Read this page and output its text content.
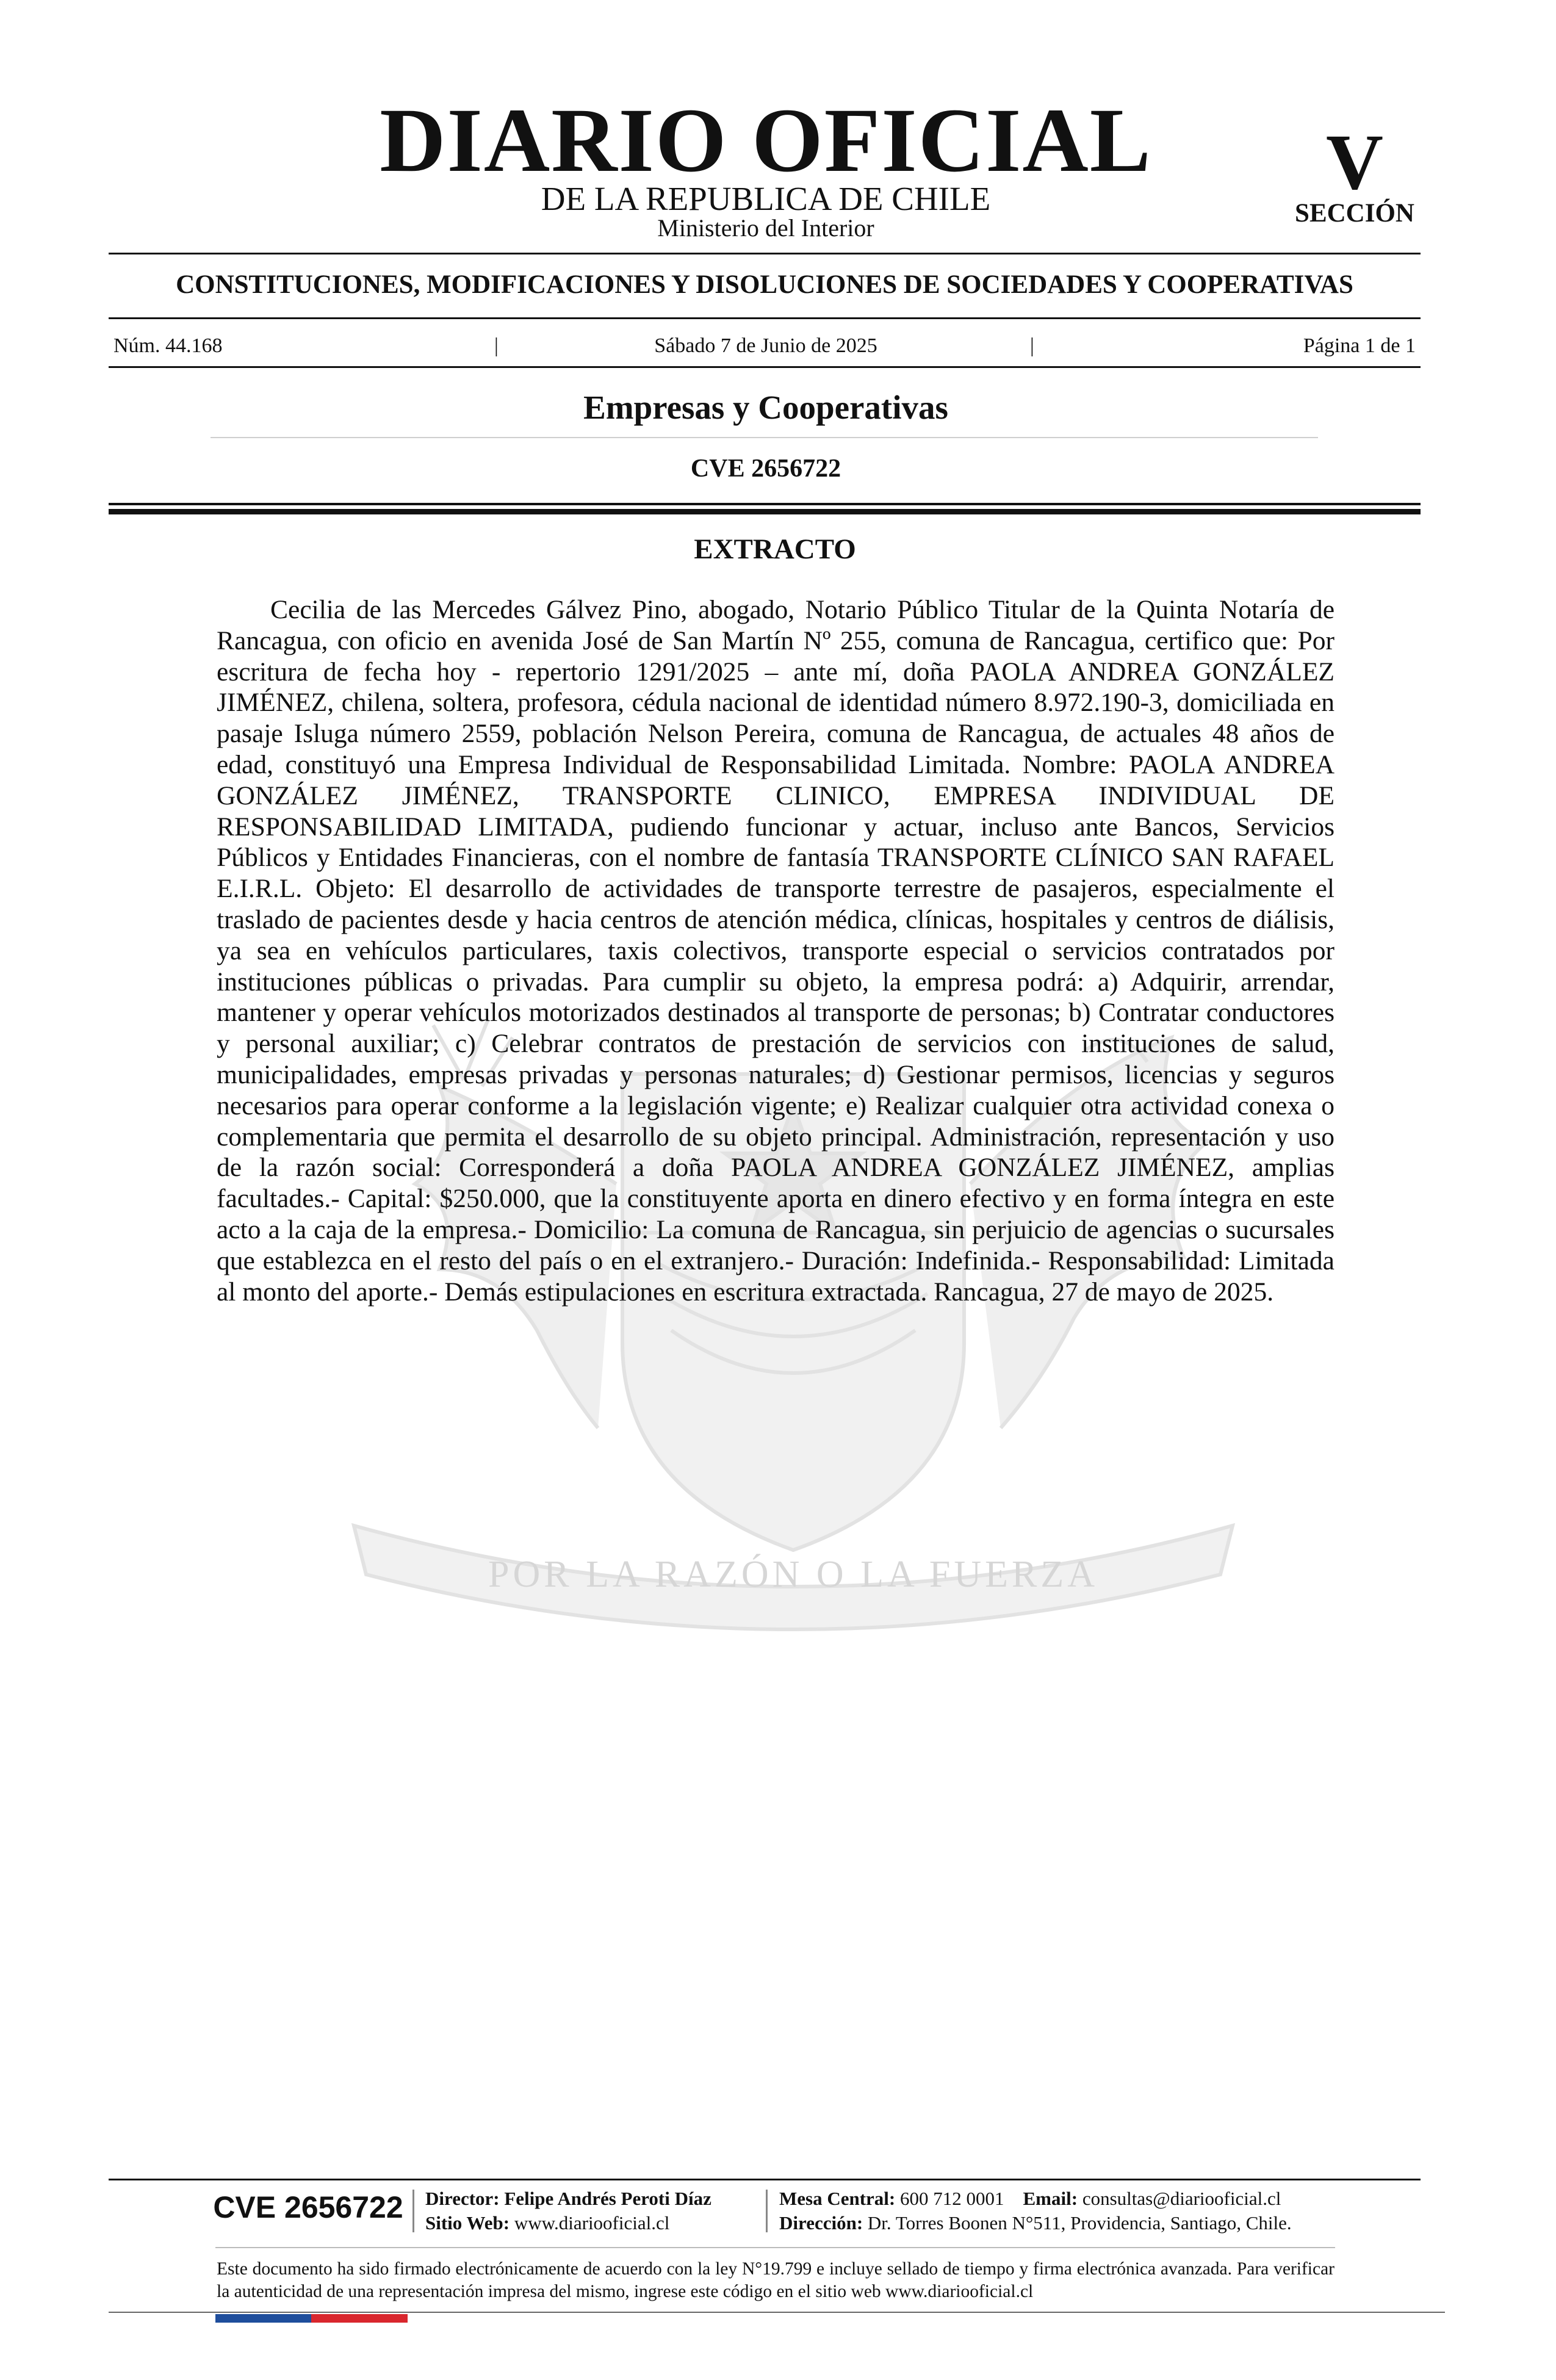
DIARIO OFICIAL
DE LA REPUBLICA DE CHILE
Ministerio del Interior
V
SECCIÓN
CONSTITUCIONES, MODIFICACIONES Y DISOLUCIONES DE SOCIEDADES Y COOPERATIVAS
Núm. 44.168	|	Sábado 7 de Junio de 2025	|	Página 1 de 1
Empresas y Cooperativas
CVE 2656722
POR LA RAZÓN O LA FUERZA
EXTRACTO

Cecilia de las Mercedes Gálvez Pino, abogado, Notario Público Titular de la Quinta Notaría de Rancagua, con oficio en avenida José de San Martín Nº 255, comuna de Rancagua, certifico que: Por escritura de fecha hoy - repertorio 1291/2025 – ante mí, doña PAOLA ANDREA GONZÁLEZ JIMÉNEZ, chilena, soltera, profesora, cédula nacional de identidad número 8.972.190-3, domiciliada en pasaje Isluga número 2559, población Nelson Pereira, comuna de Rancagua, de actuales 48 años de edad, constituyó una Empresa Individual de Responsabilidad Limitada. Nombre: PAOLA ANDREA GONZÁLEZ JIMÉNEZ, TRANSPORTE CLINICO, EMPRESA INDIVIDUAL DE RESPONSABILIDAD LIMITADA, pudiendo funcionar y actuar, incluso ante Bancos, Servicios Públicos y Entidades Financieras, con el nombre de fantasía TRANSPORTE CLÍNICO SAN RAFAEL E.I.R.L. Objeto: El desarrollo de actividades de transporte terrestre de pasajeros, especialmente el traslado de pacientes desde y hacia centros de atención médica, clínicas, hospitales y centros de diálisis, ya sea en vehículos particulares, taxis colectivos, transporte especial o servicios contratados por instituciones públicas o privadas. Para cumplir su objeto, la empresa podrá: a) Adquirir, arrendar, mantener y operar vehículos motorizados destinados al transporte de personas; b) Contratar conductores y personal auxiliar; c) Celebrar contratos de prestación de servicios con instituciones de salud, municipalidades, empresas privadas y personas naturales; d) Gestionar permisos, licencias y seguros necesarios para operar conforme a la legislación vigente; e) Realizar cualquier otra actividad conexa o complementaria que permita el desarrollo de su objeto principal. Administración, representación y uso de la razón social: Corresponderá a doña PAOLA ANDREA GONZÁLEZ JIMÉNEZ, amplias facultades.- Capital: $250.000, que la constituyente aporta en dinero efectivo y en forma íntegra en este acto a la caja de la empresa.- Domicilio: La comuna de Rancagua, sin perjuicio de agencias o sucursales que establezca en el resto del país o en el extranjero.- Duración: Indefinida.- Responsabilidad: Limitada al monto del aporte.- Demás estipulaciones en escritura extractada. Rancagua, 27 de mayo de 2025.

CVE 2656722	Director: Felipe Andrés Peroti Díaz
Sitio Web: www.diariooficial.cl
Mesa Central: 600 712 0001 Email: consultas@diariooficial.cl
Dirección: Dr. Torres Boonen N°511, Providencia, Santiago, Chile.

Este documento ha sido firmado electrónicamente de acuerdo con la ley N°19.799 e incluye sellado de tiempo y firma electrónica avanzada. Para verificar la autenticidad de una representación impresa del mismo, ingrese este código en el sitio web www.diariooficial.cl
